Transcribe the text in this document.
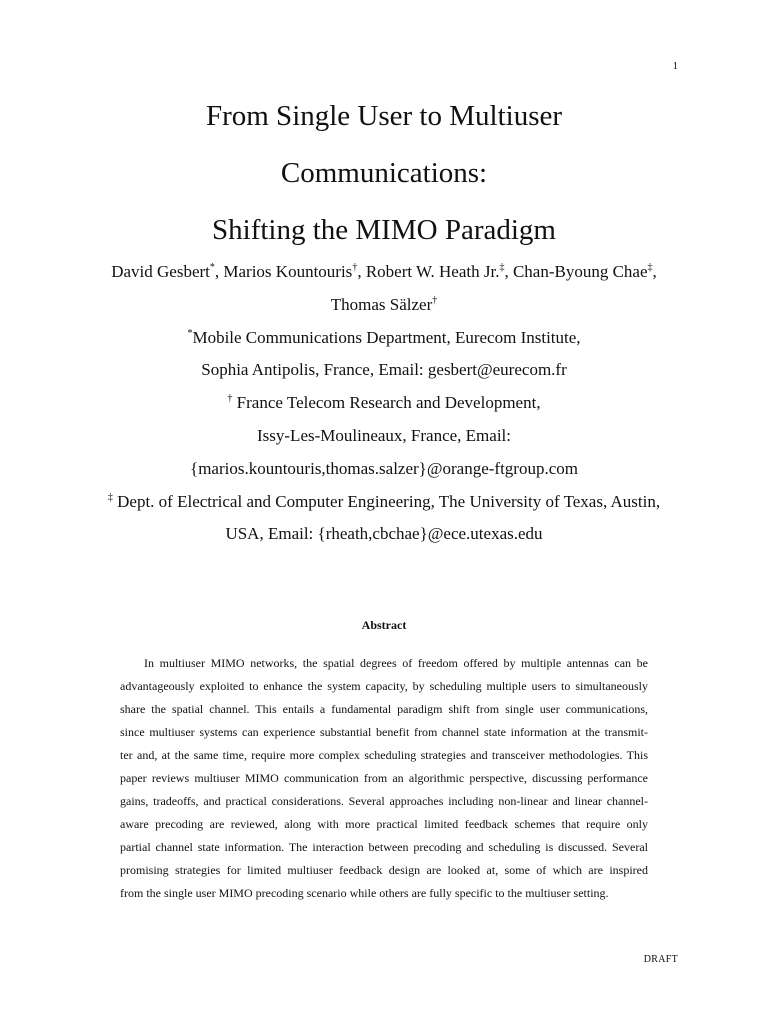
1
From Single User to Multiuser
Communications:
Shifting the MIMO Paradigm
David Gesbert*, Marios Kountouris†, Robert W. Heath Jr.‡, Chan-Byoung Chae‡,
Thomas Sälzer†
*Mobile Communications Department, Eurecom Institute,
Sophia Antipolis, France, Email: gesbert@eurecom.fr
† France Telecom Research and Development,
Issy-Les-Moulineaux, France, Email:
{marios.kountouris,thomas.salzer}@orange-ftgroup.com
‡ Dept. of Electrical and Computer Engineering, The University of Texas, Austin,
USA, Email: {rheath,cbchae}@ece.utexas.edu
Abstract
In multiuser MIMO networks, the spatial degrees of freedom offered by multiple antennas can be
advantageously exploited to enhance the system capacity, by scheduling multiple users to simultaneously
share the spatial channel. This entails a fundamental paradigm shift from single user communications,
since multiuser systems can experience substantial benefit from channel state information at the transmit-
ter and, at the same time, require more complex scheduling strategies and transceiver methodologies. This
paper reviews multiuser MIMO communication from an algorithmic perspective, discussing performance
gains, tradeoffs, and practical considerations. Several approaches including non-linear and linear channel-
aware precoding are reviewed, along with more practical limited feedback schemes that require only
partial channel state information. The interaction between precoding and scheduling is discussed. Several
promising strategies for limited multiuser feedback design are looked at, some of which are inspired
from the single user MIMO precoding scenario while others are fully specific to the multiuser setting.
DRAFT
